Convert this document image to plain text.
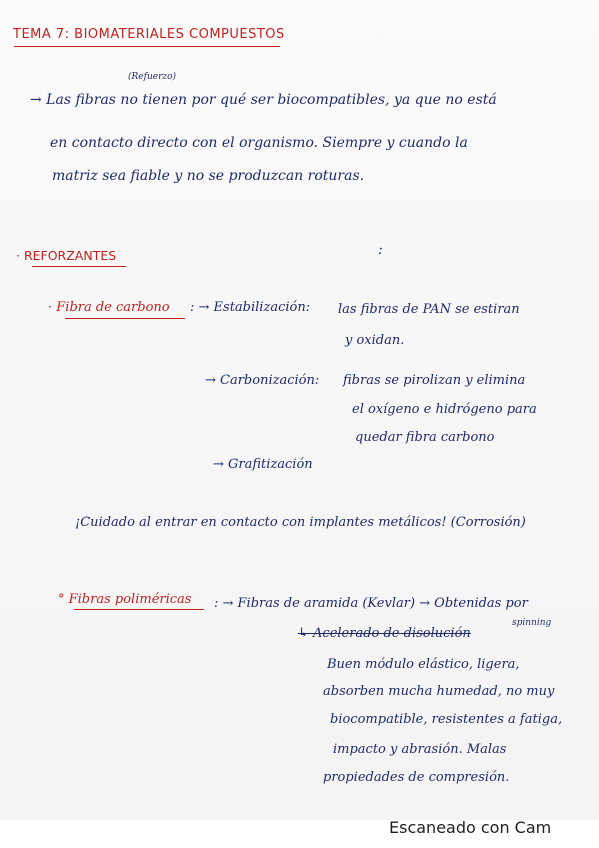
TEMA 7: BIOMATERIALES COMPUESTOS
(Refuerzo)
→ Las fibras no tienen por qué ser biocompatibles, ya que no está
en contacto directo con el organismo. Siempre y cuando la
matriz sea fiable y no se produzcan roturas.
:
· REFORZANTES
· Fibra de carbono : → Estabilización: las fibras de PAN se estiran
y oxidan.
→ Carbonización: fibras se pirolizan y elimina
el oxígeno e hidrógeno para
quedar fibra carbono
→ Grafitización
¡Cuidado al entrar en contacto con implantes metálicos! (Corrosión)
° Fibras poliméricas : → Fibras de aramida (Kevlar) → Obtenidas por
spinning
↳ Acelerado de disolución
Buen módulo elástico, ligera,
absorben mucha humedad, no muy
biocompatible, resistentes a fatiga,
impacto y abrasión. Malas
propiedades de compresión.
Escaneado con Cam
